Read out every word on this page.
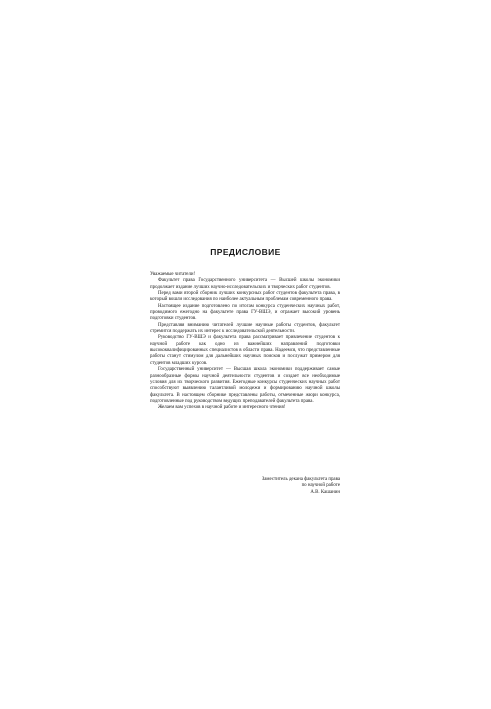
ПРЕДИСЛОВИЕ

Уважаемые читатели!

Факультет права Государственного университета — Высшей школы экономики продолжает издание лучших научно-исследовательских и творческих работ студентов.

Перед вами второй сборник лучших конкурсных работ студентов факультета права, в который вошли исследования по наиболее актуальным проблемам современного права.

Настоящее издание подготовлено по итогам конкурса студенческих научных работ, проводимого ежегодно на факультете права ГУ-ВШЭ, и отражает высокий уровень подготовки студентов.

Представляя вниманию читателей лучшие научные работы студентов, факультет стремится поддержать их интерес к исследовательской деятельности.

Руководство ГУ-ВШЭ и факультета права рассматривает привлечение студентов к научной работе как одно из важнейших направлений подготовки высококвалифицированных специалистов в области права. Надеемся, что представленные работы станут стимулом для дальнейших научных поисков и послужат примером для студентов младших курсов.

Государственный университет — Высшая школа экономики поддерживает самые разнообразные формы научной деятельности студентов и создает все необходимые условия для их творческого развития. Ежегодные конкурсы студенческих научных работ способствуют выявлению талантливой молодежи и формированию научной школы факультета. В настоящем сборнике представлены работы, отмеченные жюри конкурса, подготовленные под руководством ведущих преподавателей факультета права.

Желаем вам успехов в научной работе и интересного чтения!

Заместитель декана факультета права
по научной работе
А.В. Кашанин
